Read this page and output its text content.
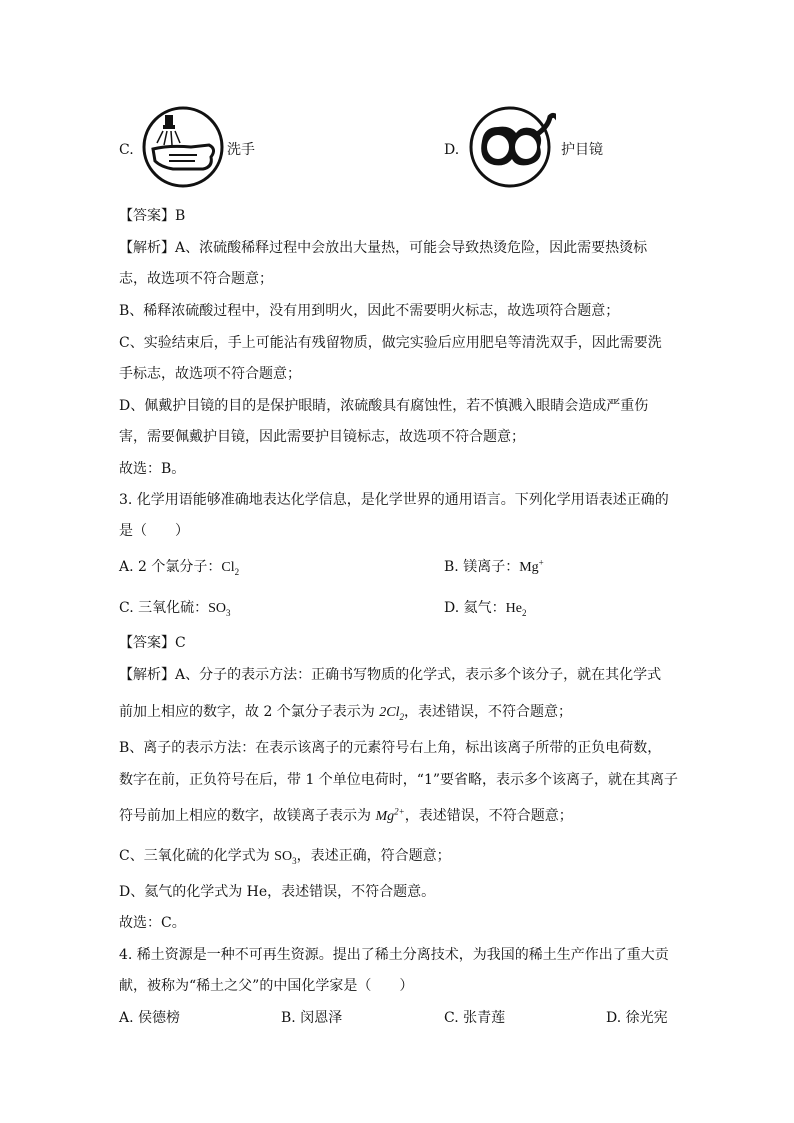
C.	洗手	D.	护目镜
【答案】B
【解析】A、浓硫酸稀释过程中会放出大量热，可能会导致热烫危险，因此需要热烫标
志，故选项不符合题意；
B、稀释浓硫酸过程中，没有用到明火，因此不需要明火标志，故选项符合题意；
C、实验结束后，手上可能沾有残留物质，做完实验后应用肥皂等清洗双手，因此需要洗
手标志，故选项不符合题意；
D、佩戴护目镜的目的是保护眼睛，浓硫酸具有腐蚀性，若不慎溅入眼睛会造成严重伤
害，需要佩戴护目镜，因此需要护目镜标志，故选项不符合题意；
故选：B。
3. 化学用语能够准确地表达化学信息，是化学世界的通用语言。下列化学用语表述正确的
是（　　）
A. 2 个氯分子：$Cl_2$	B. 镁离子：Mg+
C. 三氧化硫：$SO_3$	D. 氦气：$He_2$
【答案】C
【解析】A、分子的表示方法：正确书写物质的化学式，表示多个该分子，就在其化学式
前加上相应的数字，故 2 个氯分子表示为 $2Cl_2$，表述错误，不符合题意；
B、离子的表示方法：在表示该离子的元素符号右上角，标出该离子所带的正负电荷数，
数字在前，正负符号在后，带 1 个单位电荷时，“1”要省略，表示多个该离子，就在其离子
符号前加上相应的数字，故镁离子表示为 $Mg^{2+}$，表述错误，不符合题意；
C、三氧化硫的化学式为 $SO_3$，表述正确，符合题意；
D、氦气的化学式为 He，表述错误，不符合题意。
故选：C。
4. 稀土资源是一种不可再生资源。提出了稀土分离技术，为我国的稀土生产作出了重大贡
献，被称为“稀土之父”的中国化学家是（　　）
A. 侯德榜	B. 闵恩泽	C. 张青莲	D. 徐光宪
